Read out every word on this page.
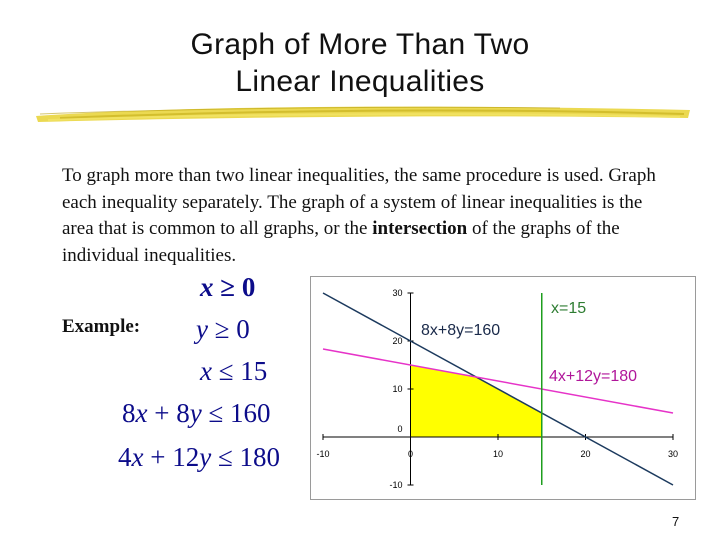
Graph of More Than Two
Linear Inequalities
To graph more than two linear inequalities, the same procedure is used. Graph each inequality separately. The graph of a system of linear inequalities is the area that is common to all graphs, or the intersection of the graphs of the individual inequalities.
Example:
x ≥ 0
y ≥ 0
x ≤ 15
8x + 8y ≤ 160
4x + 12y ≤ 180	-10	0	10	20	30
-10
10
20
30
0
8x+8y=160
4x+12y=180
x=15
7
